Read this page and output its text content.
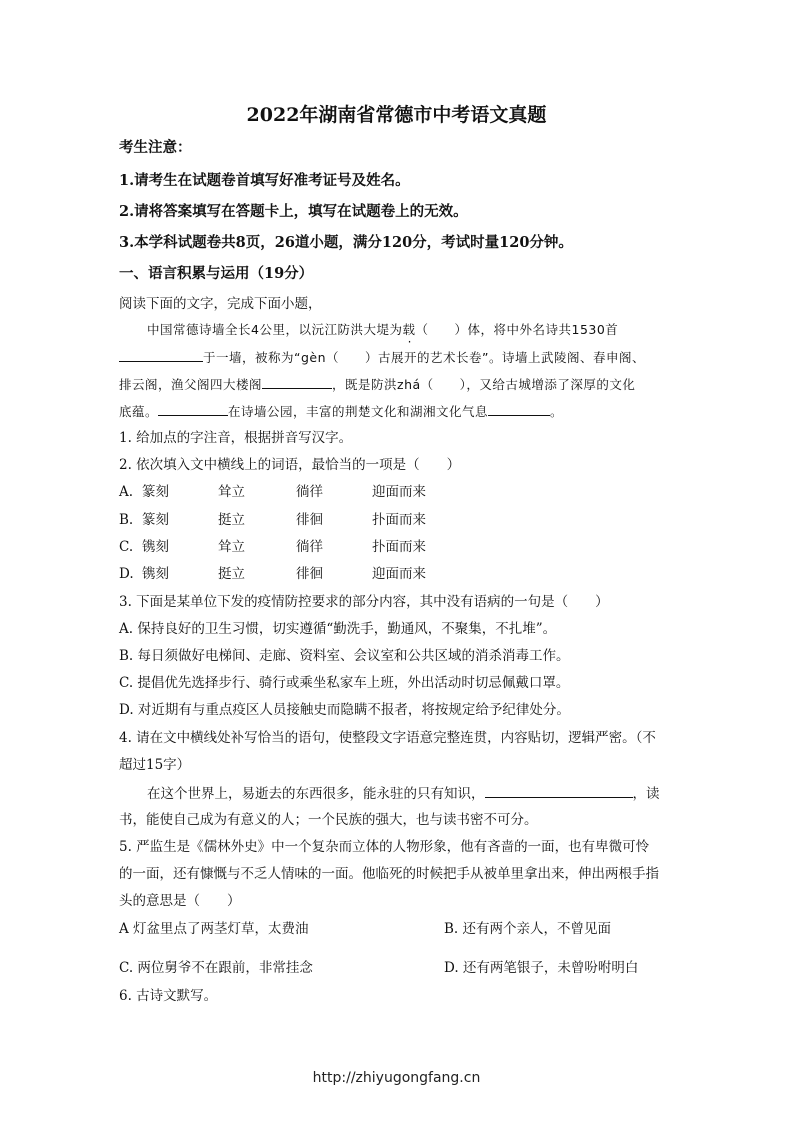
2022年湖南省常德市中考语文真题
考生注意：
1.请考生在试题卷首填写好准考证号及姓名。
2.请将答案填写在答题卡上，填写在试题卷上的无效。
3.本学科试题卷共8页，26道小题，满分120分，考试时量120分钟。
一、语言积累与运用（19分）
阅读下面的文字，完成下面小题，
中国常德诗墙全长4公里，以沅江防洪大堤为载（　　）体，将中外名诗共1530首
于一墙，被称为“gèn（　　）古展开的艺术长卷”。诗墙上武陵阁、春申阁、
排云阁，渔父阁四大楼阁	，既是防洪zhá（　　），又给古城增添了深厚的文化
底蕴。	在诗墙公园，丰富的荆楚文化和湖湘文化气息	。
1. 给加点的字注音，根据拼音写汉字。
2. 依次填入文中横线上的词语，最恰当的一项是（　　）
A. 篆刻	耸立	徜徉	迎面而来
B. 篆刻	挺立	徘徊	扑面而来
C. 镌刻	耸立	徜徉	扑面而来
D. 镌刻	挺立	徘徊	迎面而来
3. 下面是某单位下发的疫情防控要求的部分内容，其中没有语病的一句是（　　）
A. 保持良好的卫生习惯，切实遵循“勤洗手，勤通风，不聚集，不扎堆”。
B. 每日须做好电梯间、走廊、资料室、会议室和公共区域的消杀消毒工作。
C. 提倡优先选择步行、骑行或乘坐私家车上班，外出活动时切忌佩戴口罩。
D. 对近期有与重点疫区人员接触史而隐瞒不报者，将按规定给予纪律处分。
4. 请在文中横线处补写恰当的语句，使整段文字语意完整连贯，内容贴切，逻辑严密。（不
超过15字）
在这个世界上，易逝去的东西很多，能永驻的只有知识，	，读
书，能使自己成为有意义的人；一个民族的强大，也与读书密不可分。
5. 严监生是《儒林外史》中一个复杂而立体的人物形象，他有吝啬的一面，也有卑微可怜
的一面，还有慷慨与不乏人情味的一面。他临死的时候把手从被单里拿出来，伸出两根手指
头的意思是（　　）
A 灯盆里点了两茎灯草，太费油	B. 还有两个亲人，不曾见面
C. 两位舅爷不在跟前，非常挂念	D. 还有两笔银子，未曾吩咐明白
6. 古诗文默写。
http://zhiyugongfang.cn
